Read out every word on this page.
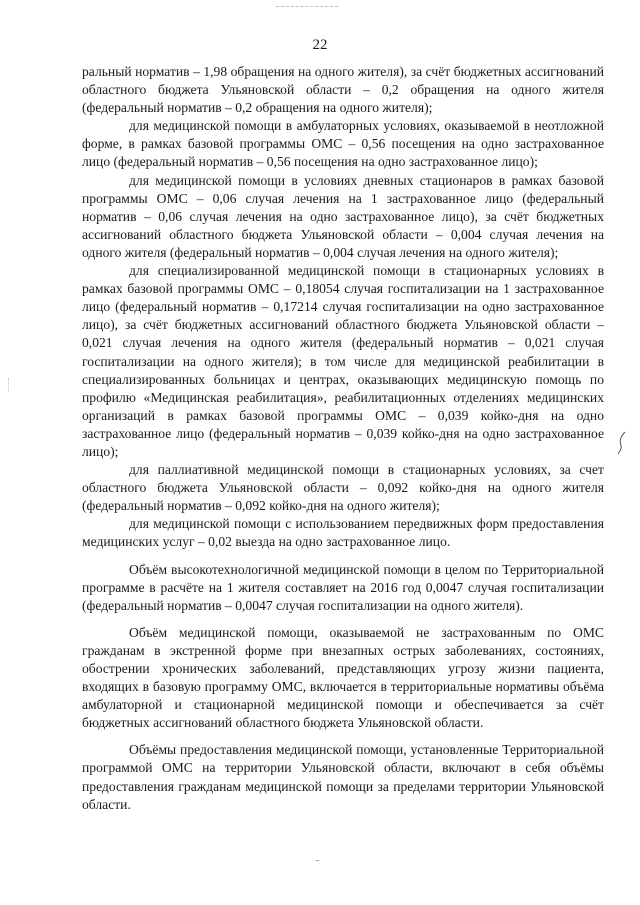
22

ральный норматив – 1,98 обращения на одного жителя), за счёт бюджетных ассигнований областного бюджета Ульяновской области – 0,2 обращения на одного жителя (федеральный норматив – 0,2 обращения на одного жителя);

для медицинской помощи в амбулаторных условиях, оказываемой в неотложной форме, в рамках базовой программы ОМС – 0,56 посещения на одно застрахованное лицо (федеральный норматив – 0,56 посещения на одно застрахованное лицо);

для медицинской помощи в условиях дневных стационаров в рамках базовой программы ОМС – 0,06 случая лечения на 1 застрахованное лицо (федеральный норматив – 0,06 случая лечения на одно застрахованное лицо), за счёт бюджетных ассигнований областного бюджета Ульяновской области – 0,004 случая лечения на одного жителя (федеральный норматив – 0,004 случая лечения на одного жителя);

для специализированной медицинской помощи в стационарных условиях в рамках базовой программы ОМС – 0,18054 случая госпитализации на 1 застрахованное лицо (федеральный норматив – 0,17214 случая госпитализации на одно застрахованное лицо), за счёт бюджетных ассигнований областного бюджета Ульяновской области – 0,021 случая лечения на одного жителя (федеральный норматив – 0,021 случая госпитализации на одного жителя); в том числе для медицинской реабилитации в специализированных больницах и центрах, оказывающих медицинскую помощь по профилю «Медицинская реабилитация», реабилитационных отделениях медицинских организаций в рамках базовой программы ОМС – 0,039 койко-дня на одно застрахованное лицо (федеральный норматив – 0,039 койко-дня на одно застрахованное лицо);

для паллиативной медицинской помощи в стационарных условиях, за счет областного бюджета Ульяновской области – 0,092 койко-дня на одного жителя (федеральный норматив – 0,092 койко-дня на одного жителя);

для медицинской помощи с использованием передвижных форм предоставления медицинских услуг – 0,02 выезда на одно застрахованное лицо.

Объём высокотехнологичной медицинской помощи в целом по Территориальной программе в расчёте на 1 жителя составляет на 2016 год 0,0047 случая госпитализации (федеральный норматив – 0,0047 случая госпитализации на одного жителя).

Объём медицинской помощи, оказываемой не застрахованным по ОМС гражданам в экстренной форме при внезапных острых заболеваниях, состояниях, обострении хронических заболеваний, представляющих угрозу жизни пациента, входящих в базовую программу ОМС, включается в территориальные нормативы объёма амбулаторной и стационарной медицинской помощи и обеспечивается за счёт бюджетных ассигнований областного бюджета Ульяновской области.

Объёмы предоставления медицинской помощи, установленные Территориальной программой ОМС на территории Ульяновской области, включают в себя объёмы предоставления гражданам медицинской помощи за пределами территории Ульяновской области.
